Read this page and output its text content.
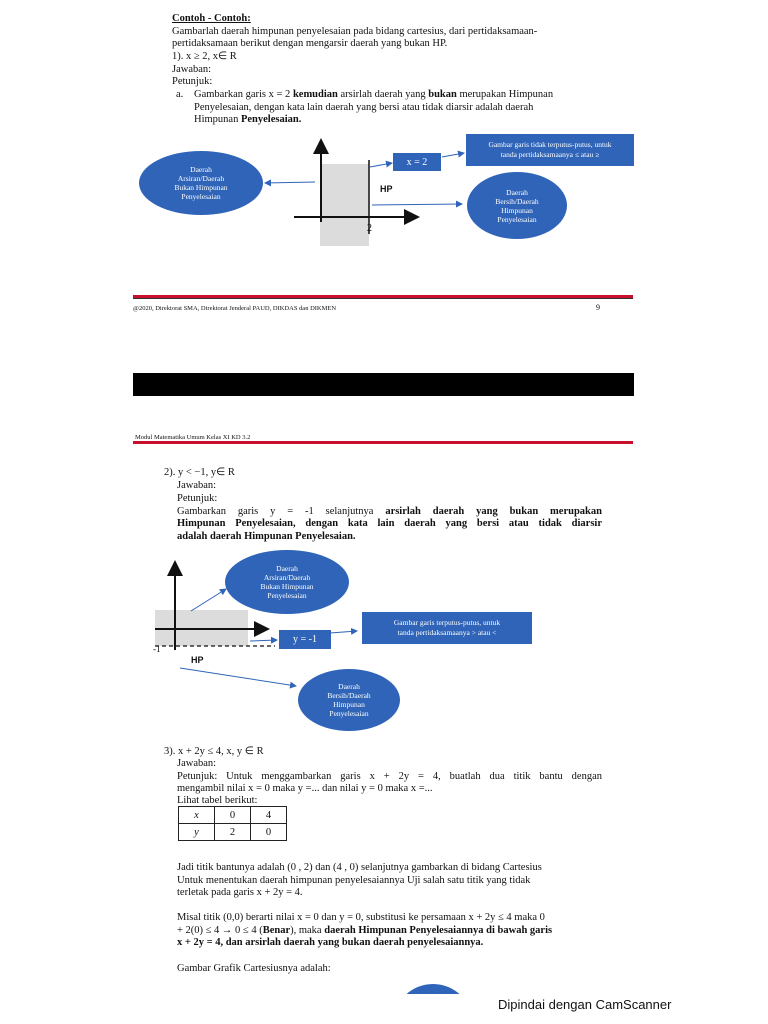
Contoh - Contoh:
Gambarlah daerah himpunan penyelesaian pada bidang cartesius, dari pertidaksamaan-
pertidaksamaan berikut dengan mengarsir daerah yang bukan HP.
1). x ≥ 2, x∈ R
Jawaban:
Petunjuk:
a. Gambarkan garis x = 2 kemudian arsirlah daerah yang bukan merupakan Himpunan
Penyelesaian, dengan kata lain daerah yang bersi atau tidak diarsir adalah daerah
Himpunan Penyelesaian.
Daerah
Arsiran/Daerah
Bukan Himpunan
Penyelesaian
x = 2
Gambar garis tidak terputus-putus, untuk
tanda pertidaksamaanya ≤ atau ≥
HP	Daerah
Bersih/Daerah
Himpunan
Penyelesaian
2
@2020, Direktorat SMA, Direktorat Jenderal PAUD, DIKDAS dan DIKMEN	9
Modul Matematika Umum Kelas XI KD 3.2
2). y < −1, y∈ R
Jawaban:
Petunjuk:
Gambarkan garis y = -1 selanjutnya arsirlah daerah yang bukan merupakan
Himpunan Penyelesaian, dengan kata lain daerah yang bersi atau tidak diarsir
adalah daerah Himpunan Penyelesaian.
Daerah
Arsiran/Daerah
Bukan Himpunan
Penyelesaian
y = -1
Gambar garis terputus-putus, untuk
tanda pertidaksamaanya > atau <
-1
HP
Daerah
Bersih/Daerah
Himpunan
Penyelesaian
3). x + 2y ≤ 4, x, y ∈ R
Jawaban:
Petunjuk: Untuk menggambarkan garis x + 2y = 4, buatlah dua titik bantu dengan
mengambil nilai x = 0 maka y =... dan nilai y = 0 maka x =...
Lihat tabel berikut:
x	0	4
y	2	0
Jadi titik bantunya adalah (0 , 2) dan (4 , 0) selanjutnya gambarkan di bidang Cartesius
Untuk menentukan daerah himpunan penyelesaiannya Uji salah satu titik yang tidak
terletak pada garis x + 2y = 4.
Misal titik (0,0) berarti nilai x = 0 dan y = 0, substitusi ke persamaan x + 2y ≤ 4 maka 0
+ 2(0) ≤ 4 → 0 ≤ 4 (Benar), maka daerah Himpunan Penyelesaiannya di bawah garis
x + 2y = 4, dan arsirlah daerah yang bukan daerah penyelesaiannya.
Gambar Grafik Cartesiusnya adalah:
Dipindai dengan CamScanner
